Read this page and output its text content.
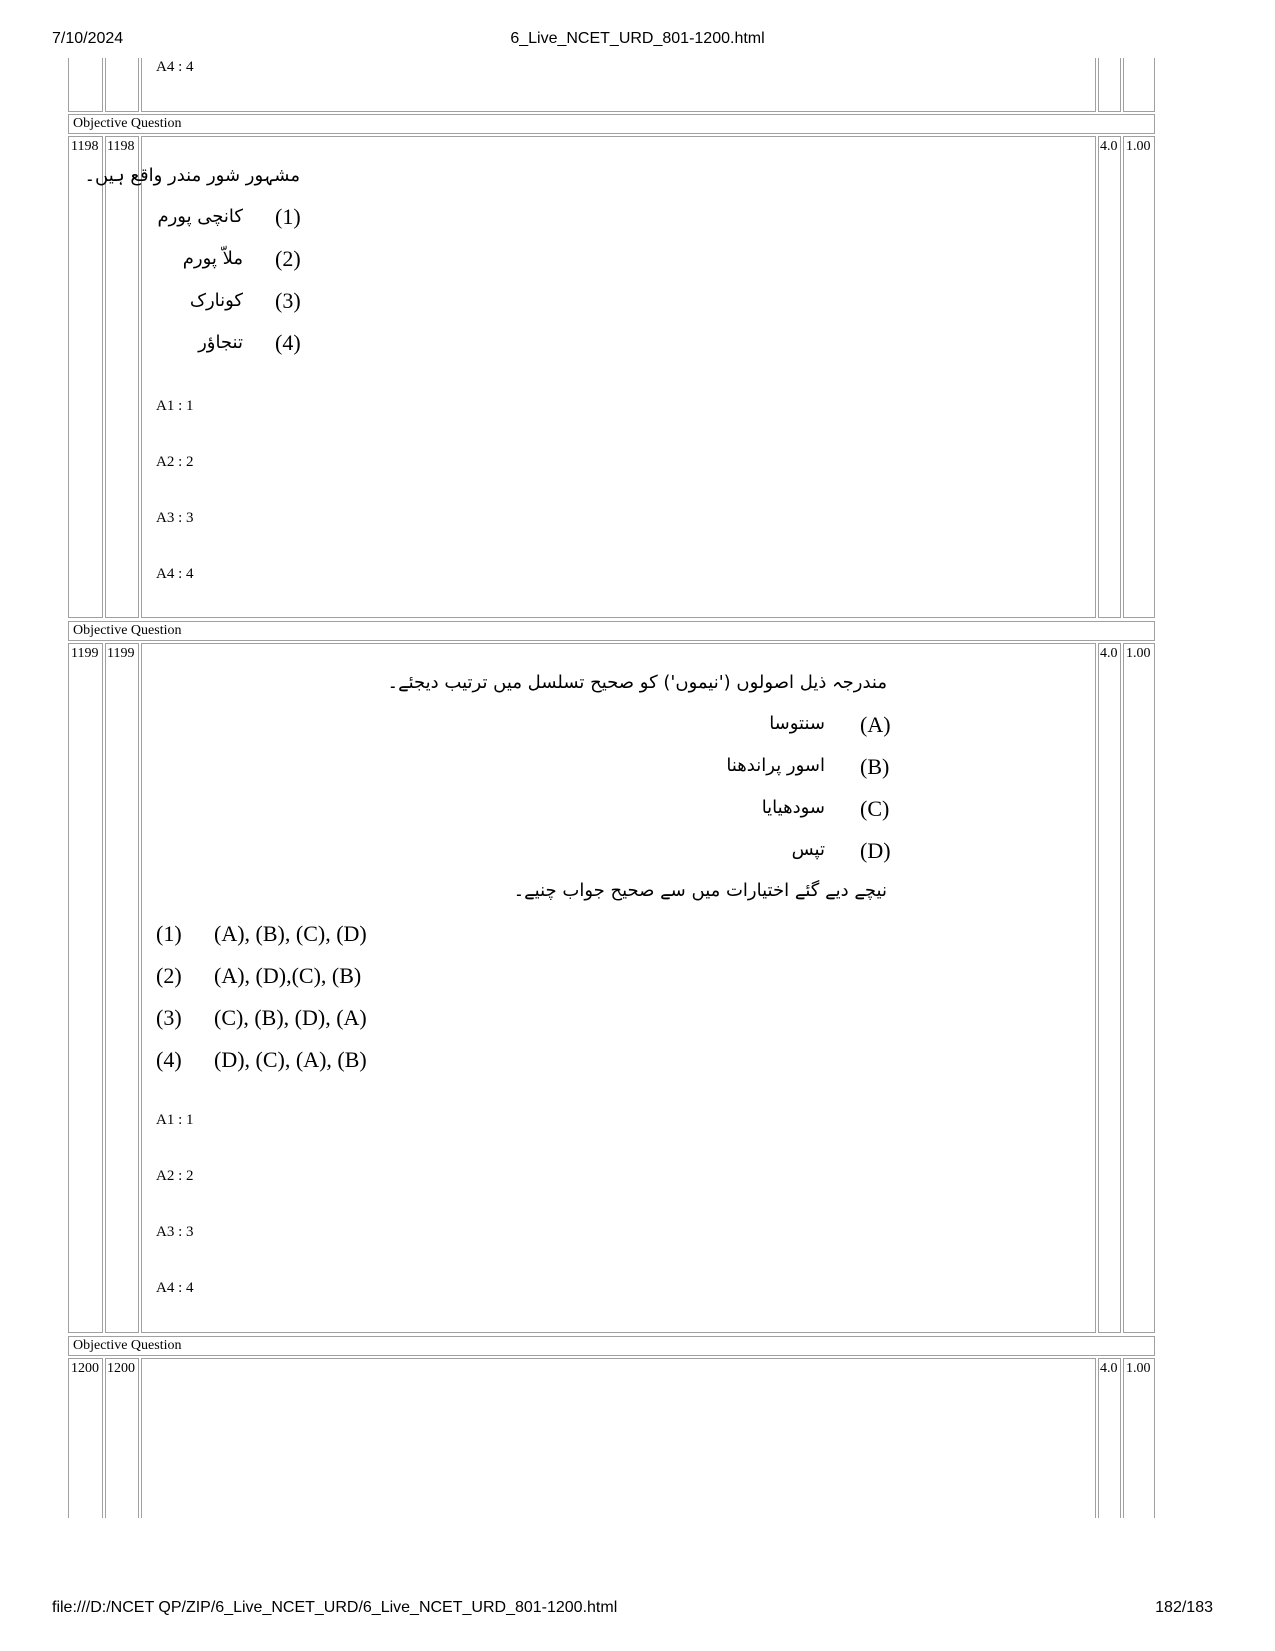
7/10/2024	6_Live_NCET_URD_801-1200.html
A4 : 4
Objective Question
1198 1198	4.0 1.00
مشہور شور مندر واقع ہیں۔
(1)
کانچی پورم
(2)
ملاّ پورم
(3)
کونارک
(4)
تنجاؤر
A1 : 1
A2 : 2
A3 : 3
A4 : 4
Objective Question
1199 1199	4.0 1.00
مندرجہ ذیل اصولوں ('نیموں') کو صحیح تسلسل میں ترتیب دیجئے۔
(A)
سنتوسا
(B)
اسور پراندھنا
(C)
سودھیایا
(D)
تپس
نیچے دیے گئے اختیارات میں سے صحیح جواب چنیے۔
(1) (A), (B), (C), (D)
(2) (A), (D),(C), (B)
(3) (C), (B), (D), (A)
(4) (D), (C), (A), (B)
A1 : 1
A2 : 2
A3 : 3
A4 : 4
Objective Question
1200 1200	4.0 1.00
file:///D:/NCET QP/ZIP/6_Live_NCET_URD/6_Live_NCET_URD_801-1200.html	182/183
